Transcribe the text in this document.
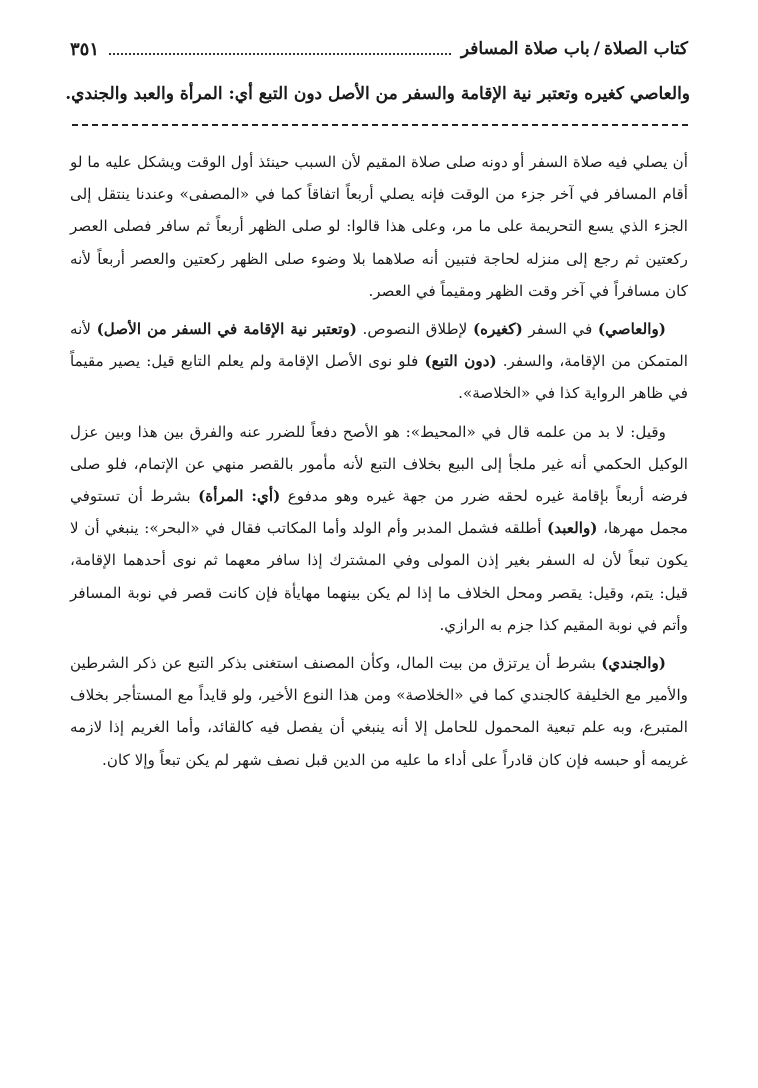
كتاب الصلاة
/
باب صلاة المسافر
٣٥١
والعاصي كغيره وتعتبر نية الإقامة والسفر من الأصل دون التبع أي: المرأة والعبد والجندي.

أن يصلي فيه صلاة السفر أو دونه صلى صلاة المقيم لأن السبب حينئذ أول الوقت ويشكل عليه ما لو أقام المسافر في آخر جزء من الوقت فإنه يصلي أربعاً اتفاقاً كما في «المصفى» وعندنا ينتقل إلى الجزء الذي يسع التحريمة على ما مر، وعلى هذا قالوا: لو صلى الظهر أربعاً ثم سافر فصلى العصر ركعتين ثم رجع إلى منزله لحاجة فتبين أنه صلاهما بلا وضوء صلى الظهر ركعتين والعصر أربعاً لأنه كان مسافراً في آخر وقت الظهر ومقيماً في العصر.

(والعاصي) في السفر (كغيره) لإطلاق النصوص. (وتعتبر نية الإقامة في السفر من الأصل) لأنه المتمكن من الإقامة، والسفر. (دون التبع) فلو نوى الأصل الإقامة ولم يعلم التابع قيل: يصير مقيماً في ظاهر الرواية كذا في «الخلاصة».

وقيل: لا بد من علمه قال في «المحيط»: هو الأصح دفعاً للضرر عنه والفرق بين هذا وبين عزل الوكيل الحكمي أنه غير ملجأ إلى البيع بخلاف التبع لأنه مأمور بالقصر منهي عن الإتمام، فلو صلى فرضه أربعاً بإقامة غيره لحقه ضرر من جهة غيره وهو مدفوع (أي: المرأة) بشرط أن تستوفي مجمل مهرها، (والعبد) أطلقه فشمل المدبر وأم الولد وأما المكاتب فقال في «البحر»: ينبغي أن لا يكون تبعاً لأن له السفر بغير إذن المولى وفي المشترك إذا سافر معهما ثم نوى أحدهما الإقامة، قيل: يتم، وقيل: يقصر ومحل الخلاف ما إذا لم يكن بينهما مهايأة فإن كانت قصر في نوبة المسافر وأتم في نوبة المقيم كذا جزم به الرازي.

(والجندي) بشرط أن يرتزق من بيت المال، وكأن المصنف استغنى بذكر التبع عن ذكر الشرطين والأمير مع الخليفة كالجندي كما في «الخلاصة» ومن هذا النوع الأخير، ولو قايداً مع المستأجر بخلاف المتبرع، وبه علم تبعية المحمول للحامل إلا أنه ينبغي أن يفصل فيه كالقائد، وأما الغريم إذا لازمه غريمه أو حبسه فإن كان قادراً على أداء ما عليه من الدين قبل نصف شهر لم يكن تبعاً وإلا كان.
